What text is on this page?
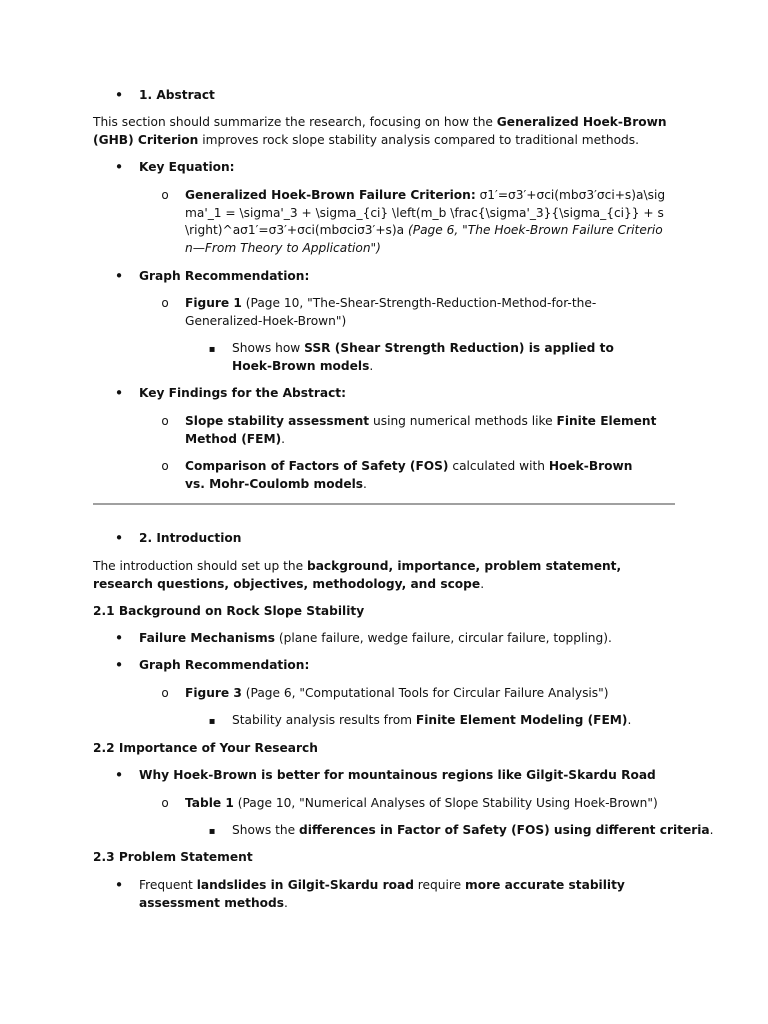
•

1. Abstract

This section should summarize the research, focusing on how the Generalized Hoek-Brown (GHB) Criterion improves rock slope stability analysis compared to traditional methods.

•

Key Equation:

o

Generalized Hoek-Brown Failure Criterion: σ1′=σ3′+σci(mbσ3′σci+s)a\sigma'_1 = \sigma'_3 + \sigma_{ci} \left(m_b \frac{\sigma'_3}{\sigma_{ci}} + s \right)^aσ1′=σ3′+σci(mbσciσ3′+s)a (Page 6, "The Hoek-Brown Failure Criterion—From Theory to Application")

•

Graph Recommendation:

o

Figure 1 (Page 10, "The-Shear-Strength-Reduction-Method-for-the-Generalized-Hoek-Brown")

▪

Shows how SSR (Shear Strength Reduction) is applied to Hoek-Brown models.

•

Key Findings for the Abstract:

o

Slope stability assessment using numerical methods like Finite Element Method (FEM).

o

Comparison of Factors of Safety (FOS) calculated with Hoek-Brown vs. Mohr-Coulomb models.

•

2. Introduction

The introduction should set up the background, importance, problem statement, research questions, objectives, methodology, and scope.

2.1 Background on Rock Slope Stability

•

Failure Mechanisms (plane failure, wedge failure, circular failure, toppling).

•

Graph Recommendation:

o

Figure 3 (Page 6, "Computational Tools for Circular Failure Analysis")

▪

Stability analysis results from Finite Element Modeling (FEM).

2.2 Importance of Your Research

•

Why Hoek-Brown is better for mountainous regions like Gilgit-Skardu Road

o

Table 1 (Page 10, "Numerical Analyses of Slope Stability Using Hoek-Brown")

▪

Shows the differences in Factor of Safety (FOS) using different criteria.

2.3 Problem Statement

•

Frequent landslides in Gilgit-Skardu road require more accurate stability assessment methods.
